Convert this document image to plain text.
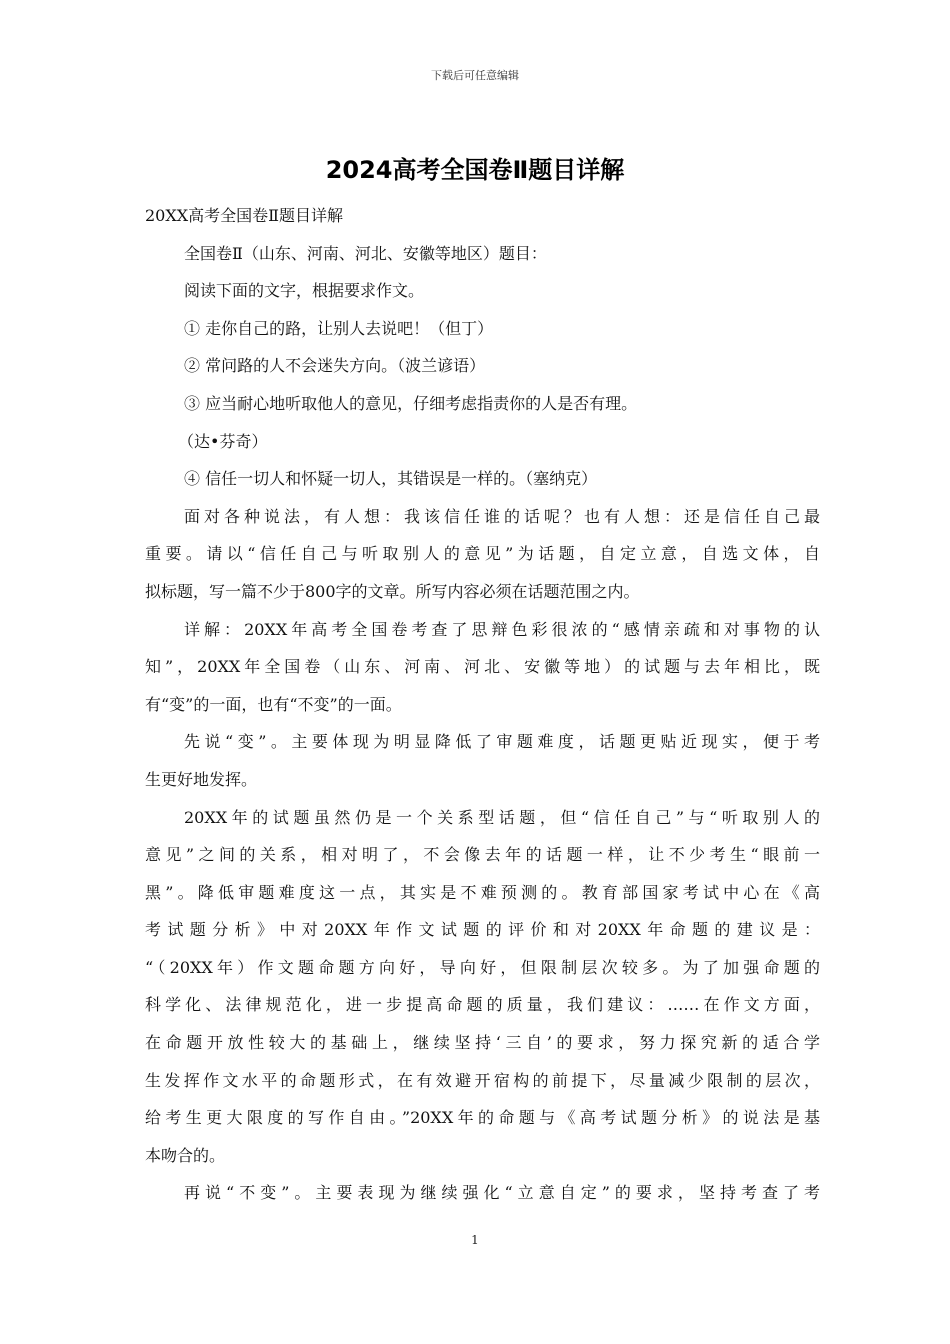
下载后可任意编辑
2024高考全国卷Ⅱ题目详解
20XX高考全国卷Ⅱ题目详解
全国卷Ⅱ（山东、河南、河北、安徽等地区）题目：
阅读下面的文字，根据要求作文。
① 走你自己的路，让别人去说吧！（但丁）
② 常问路的人不会迷失方向。（波兰谚语）
③ 应当耐心地听取他人的意见，仔细考虑指责你的人是否有理。
（达•芬奇）
④ 信任一切人和怀疑一切人，其错误是一样的。（塞纳克）
面对各种说法，有人想：我该信任谁的话呢？也有人想：还是信任自己最
重要。请以“信任自己与听取别人的意见”为话题，自定立意，自选文体，自
拟标题，写一篇不少于800字的文章。所写内容必须在话题范围之内。
详解：20XX年高考全国卷考查了思辩色彩很浓的“感情亲疏和对事物的认
知”，20XX年全国卷（山东、河南、河北、安徽等地）的试题与去年相比，既
有“变”的一面，也有“不变”的一面。
先说“变”。主要体现为明显降低了审题难度，话题更贴近现实，便于考
生更好地发挥。
20XX年的试题虽然仍是一个关系型话题，但“信任自己”与“听取别人的
意见”之间的关系，相对明了，不会像去年的话题一样，让不少考生“眼前一
黑”。降低审题难度这一点，其实是不难预测的。教育部国家考试中心在《高
考试题分析》中对20XX年作文试题的评价和对20XX年命题的建议是：
“（20XX年）作文题命题方向好，导向好，但限制层次较多。为了加强命题的
科学化、法律规范化，进一步提高命题的质量，我们建议：……在作文方面，
在命题开放性较大的基础上，继续坚持‘三自’的要求，努力探究新的适合学
生发挥作文水平的命题形式，在有效避开宿构的前提下，尽量减少限制的层次，
给考生更大限度的写作自由。”20XX年的命题与《高考试题分析》的说法是基
本吻合的。
再说“不变”。主要表现为继续强化“立意自定”的要求，坚持考查了考
1
